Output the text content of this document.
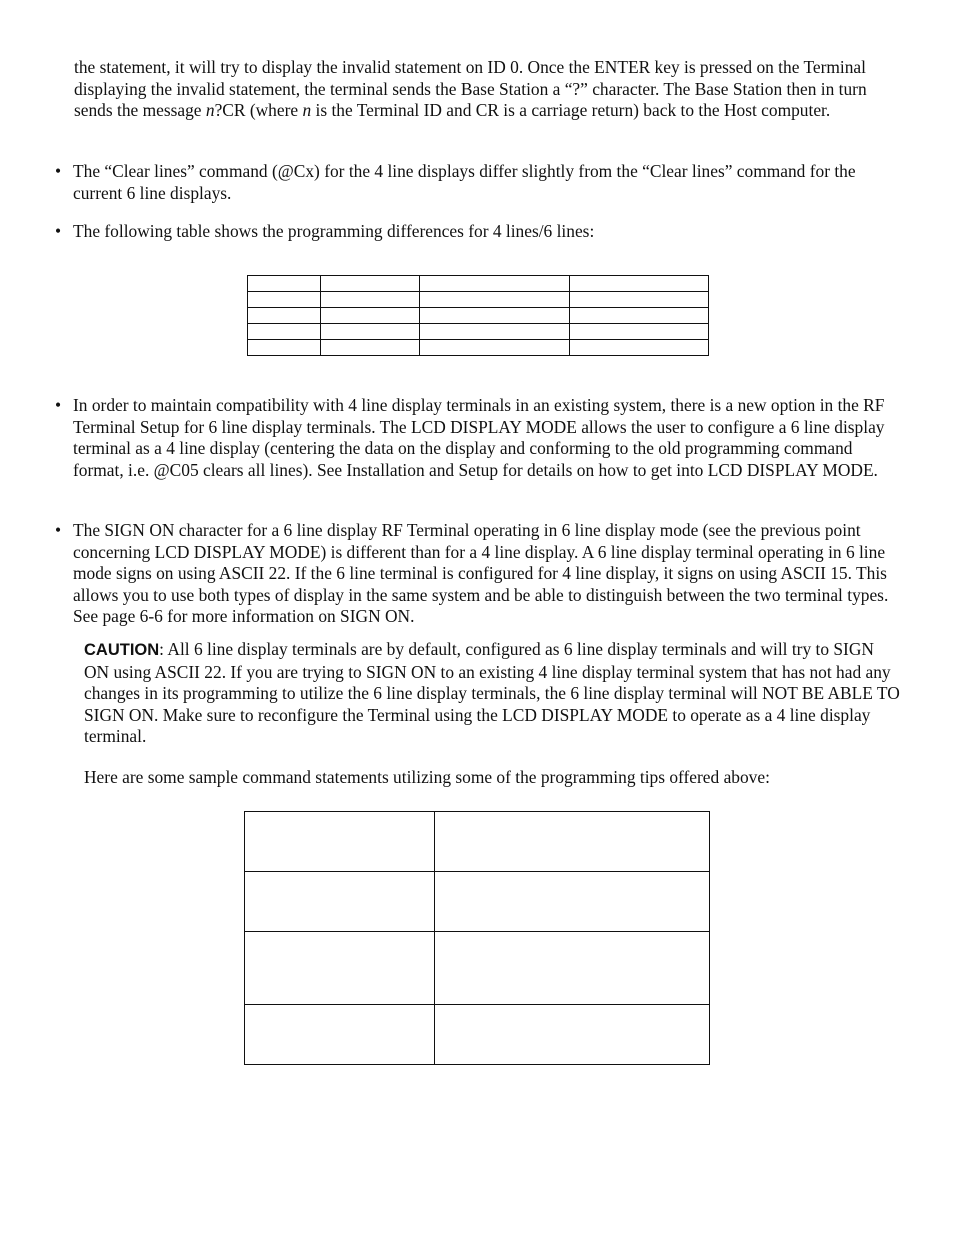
the statement, it will try to display the invalid statement on ID 0. Once the ENTER key is pressed on the Terminal displaying the invalid statement, the terminal sends the Base Station a “?” character. The Base Station then in turn sends the message n?CR (where n is the Terminal ID and CR is a carriage return) back to the Host computer.

• The “Clear lines” command (@Cx) for the 4 line displays differ slightly from the “Clear lines” command for the current 6 line displays.

• The following table shows the programming differences for 4 lines/6 lines:

• In order to maintain compatibility with 4 line display terminals in an existing system, there is a new option in the RF Terminal Setup for 6 line display terminals. The LCD DISPLAY MODE allows the user to configure a 6 line display terminal as a 4 line display (centering the data on the display and conforming to the old programming command format, i.e. @C05 clears all lines). See Installation and Setup for details on how to get into LCD DISPLAY MODE.

• The SIGN ON character for a 6 line display RF Terminal operating in 6 line display mode (see the previous point concerning LCD DISPLAY MODE) is different than for a 4 line display. A 6 line display terminal operating in 6 line mode signs on using ASCII 22. If the 6 line terminal is configured for 4 line display, it signs on using ASCII 15. This allows you to use both types of display in the same system and be able to distinguish between the two terminal types. See page 6-6 for more information on SIGN ON.

CAUTION: All 6 line display terminals are by default, configured as 6 line display terminals and will try to SIGN ON using ASCII 22. If you are trying to SIGN ON to an existing 4 line display terminal system that has not had any changes in its programming to utilize the 6 line display terminals, the 6 line display terminal will NOT BE ABLE TO SIGN ON. Make sure to reconfigure the Terminal using the LCD DISPLAY MODE to operate as a 4 line display terminal.

Here are some sample command statements utilizing some of the programming tips offered above:
